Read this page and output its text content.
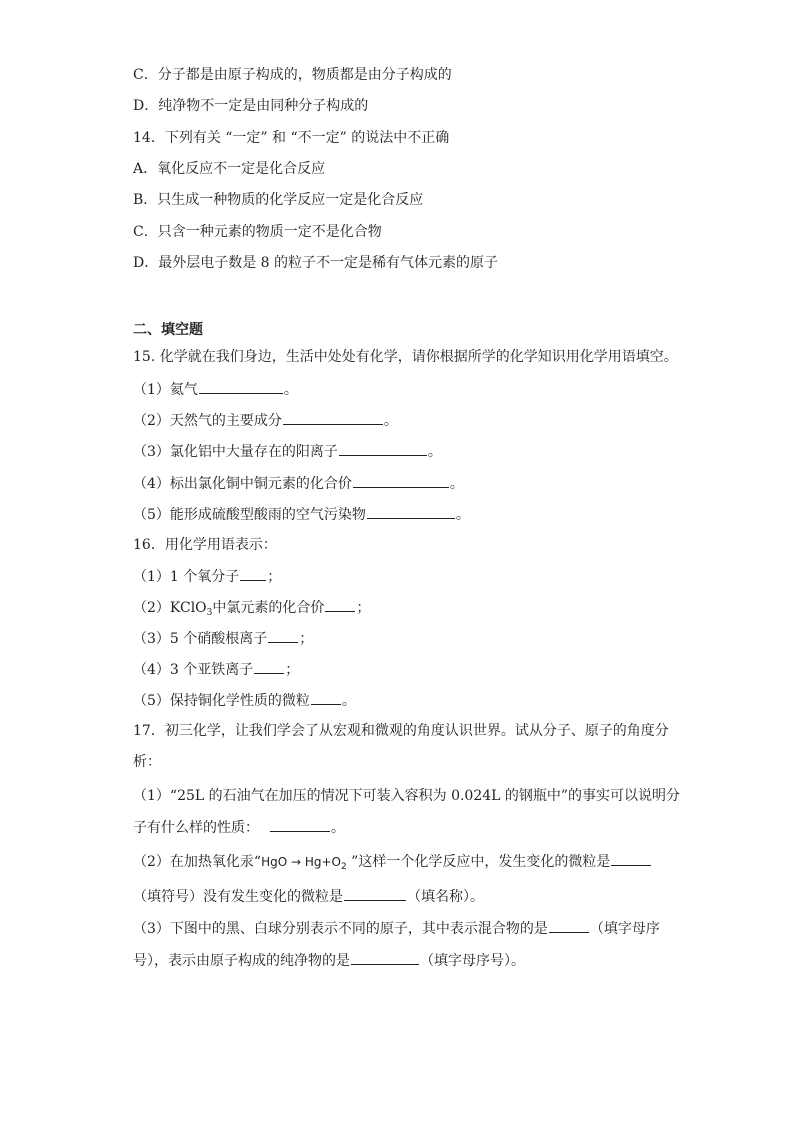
C．分子都是由原子构成的，物质都是由分子构成的
D．纯净物不一定是由同种分子构成的
14．下列有关 “一定” 和 “不一定” 的说法中不正确
A．氧化反应不一定是化合反应
B．只生成一种物质的化学反应一定是化合反应
C．只含一种元素的物质一定不是化合物
D．最外层电子数是 8 的粒子不一定是稀有气体元素的原子
二、填空题
15. 化学就在我们身边，生活中处处有化学，请你根据所学的化学知识用化学用语填空。
（1）氦气	。
（2）天然气的主要成分	。
（3）氯化铝中大量存在的阳离子	。
（4）标出氯化铜中铜元素的化合价	。
（5）能形成硫酸型酸雨的空气污染物	。
16．用化学用语表示：
（1）1 个氧分子 ；
（2）KClO$_3$中氯元素的化合价 ；
（3）5 个硝酸根离子 ；
（4）3 个亚铁离子 ；
（5）保持铜化学性质的微粒 。
17．初三化学，让我们学会了从宏观和微观的角度认识世界。试从分子、原子的角度分
析：
（1）“25L 的石油气在加压的情况下可装入容积为 0.024L 的钢瓶中”的事实可以说明分
子有什么样的性质：	。
（2）在加热氧化汞“HgO → $Hg+O_2$ ”这样一个化学反应中，发生变化的微粒是
（填符号）没有发生变化的微粒是	（填名称）。
（3）下图中的黑、白球分别表示不同的原子，其中表示混合物的是	（填字母序
号），表示由原子构成的纯净物的是	（填字母序号）。
